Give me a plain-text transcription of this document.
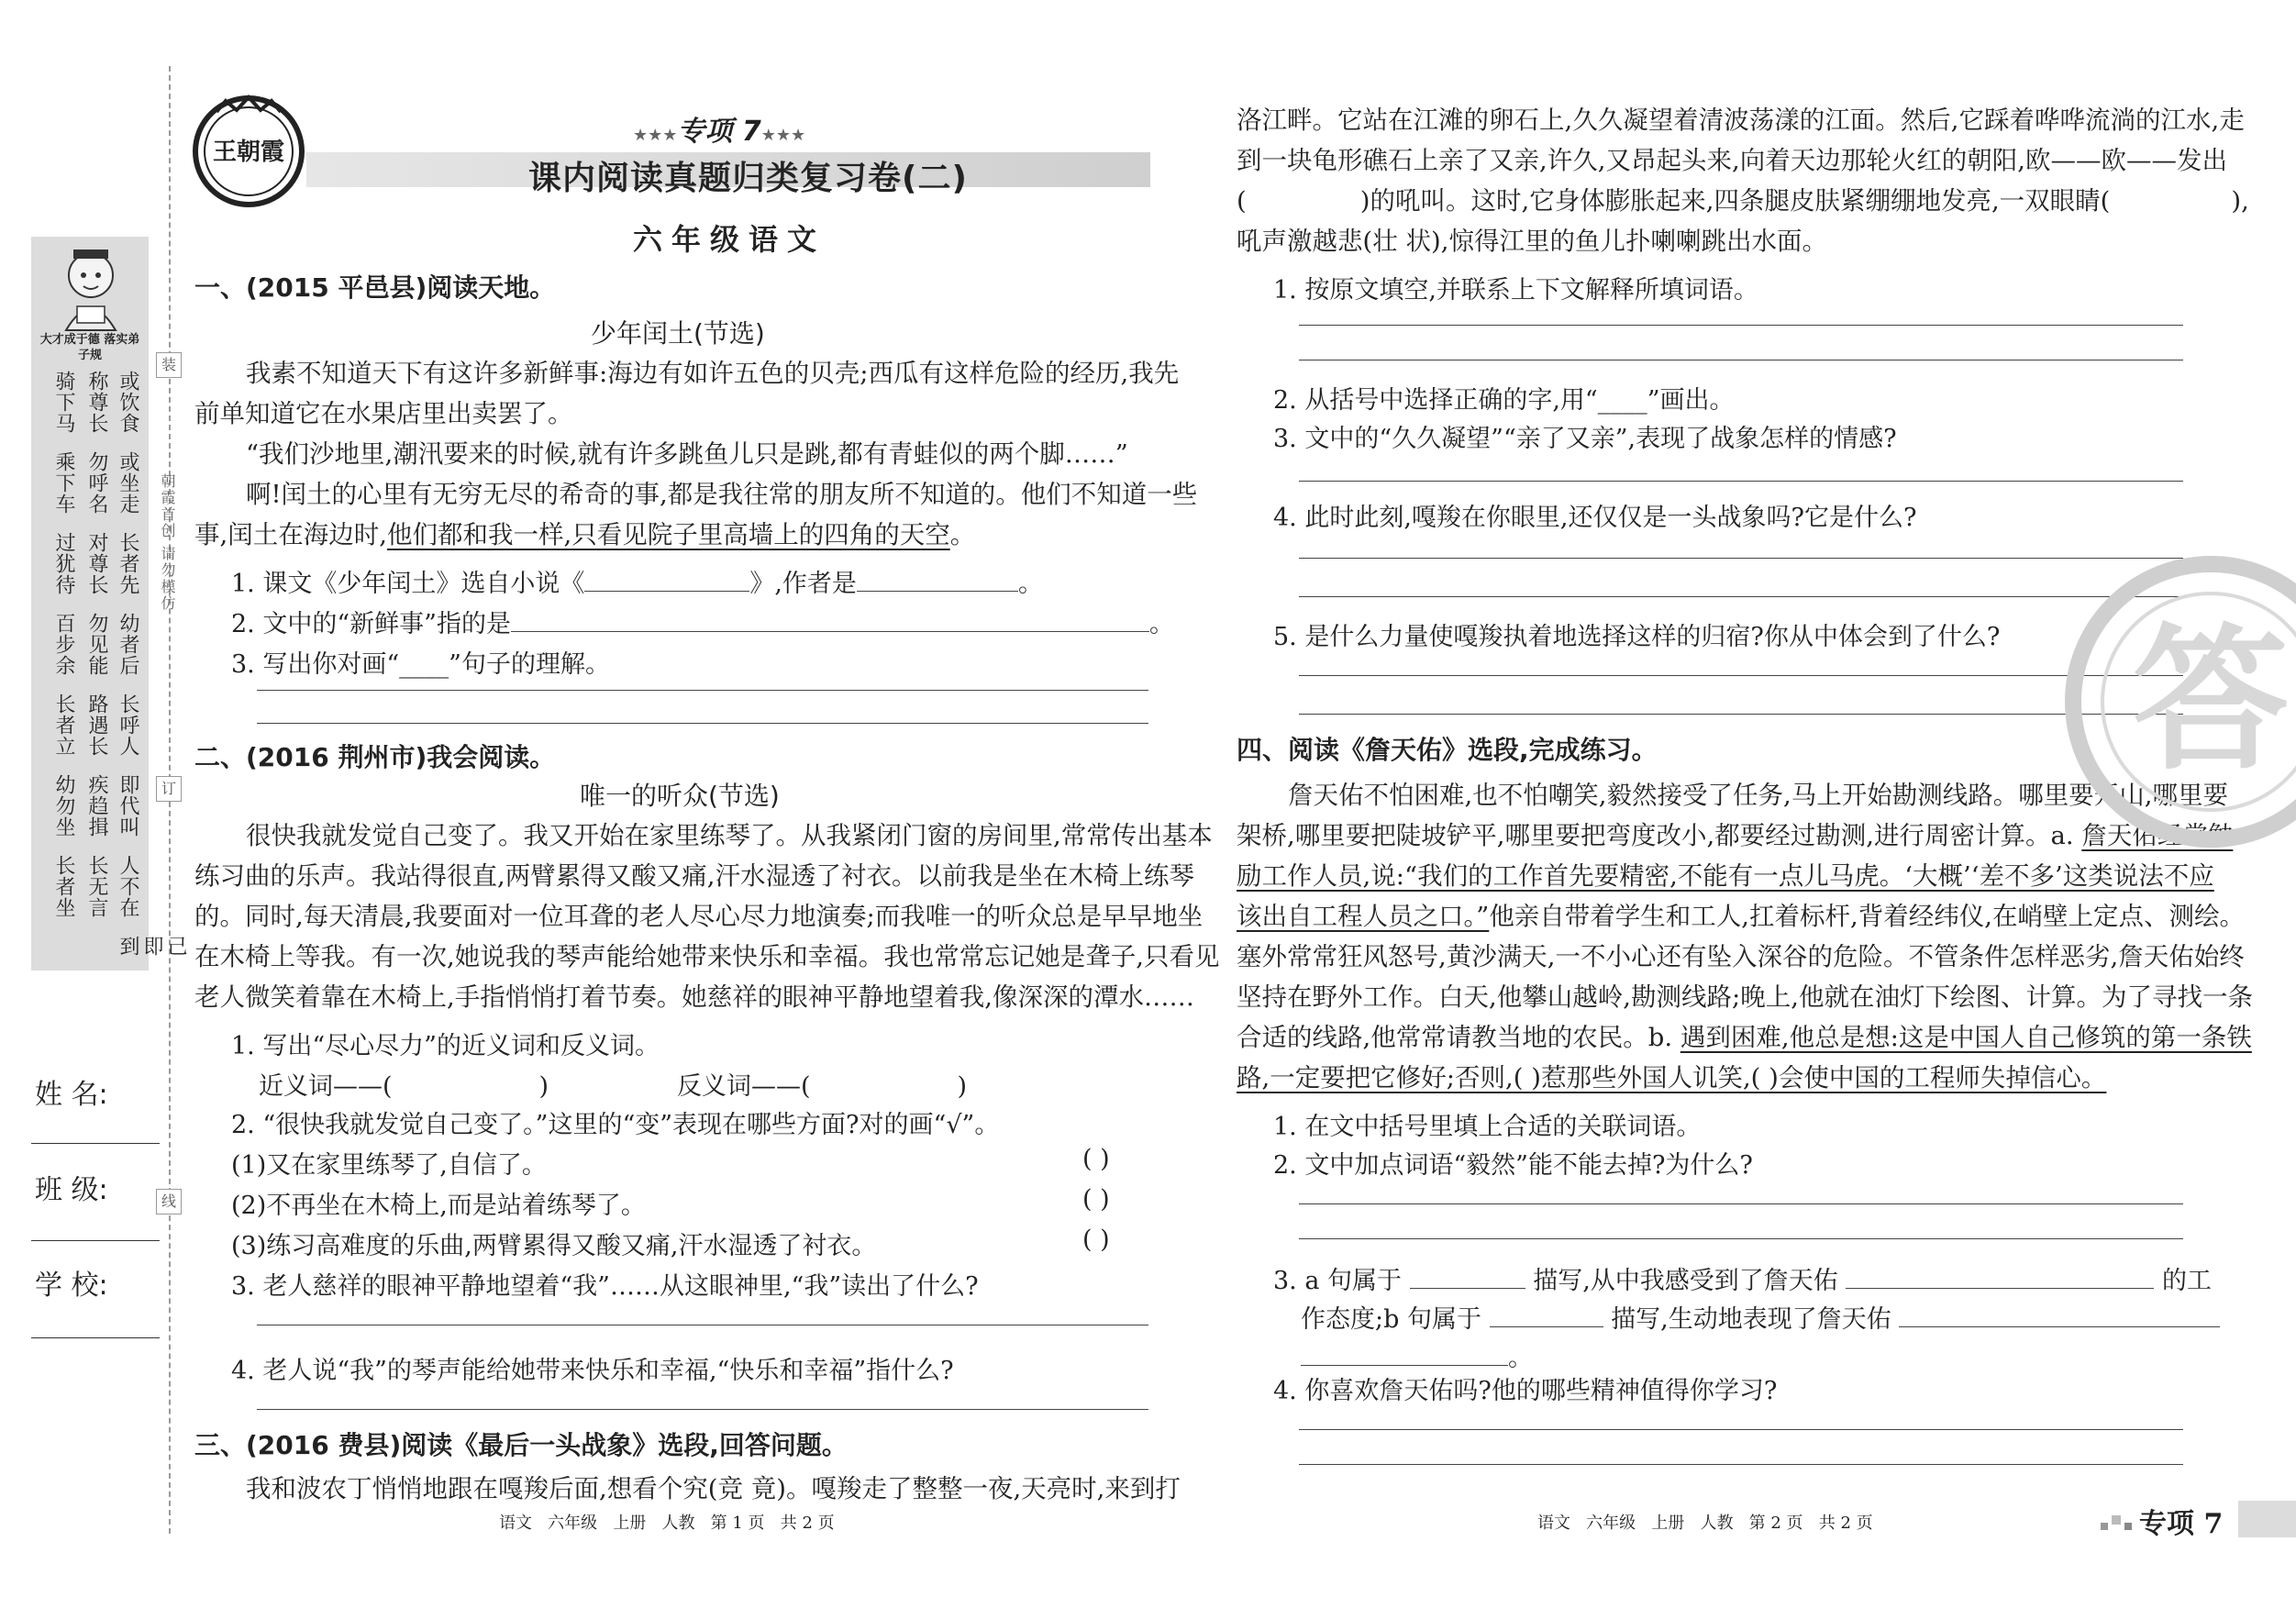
装
订
线
朝霞首创 请勿模仿
大才成于德 落实弟子规
或饮食
称尊长
骑下马
或坐走
勿呼名
乘下车
长者先
对尊长
过犹待
幼者后
勿见能
百步余
长呼人
路遇长
长者立
即代叫
疾趋揖
幼勿坐
人不在
长无言
长者坐
己即到
姓 名:
班 级:
学 校:
王朝霞
★★★专项 7★★★
课内阅读真题归类复习卷(二)
六年级语文
一、(2015 平邑县)阅读天地。
少年闰土(节选)
我素不知道天下有这许多新鲜事:海边有如许五色的贝壳;西瓜有这样危险的经历,我先
前单知道它在水果店里出卖罢了。
“我们沙地里,潮汛要来的时候,就有许多跳鱼儿只是跳,都有青蛙似的两个脚……”
啊!闰土的心里有无穷无尽的希奇的事,都是我往常的朋友所不知道的。他们不知道一些
事,闰土在海边时,他们都和我一样,只看见院子里高墙上的四角的天空。
1. 课文《少年闰土》选自小说《	》,作者是	。
2. 文中的“新鲜事”指的是	。
3. 写出你对画“____”句子的理解。
二、(2016 荆州市)我会阅读。
唯一的听众(节选)
很快我就发觉自己变了。我又开始在家里练琴了。从我紧闭门窗的房间里,常常传出基本
练习曲的乐声。我站得很直,两臂累得又酸又痛,汗水湿透了衬衣。以前我是坐在木椅上练琴
的。同时,每天清晨,我要面对一位耳聋的老人尽心尽力地演奏;而我唯一的听众总是早早地坐
在木椅上等我。有一次,她说我的琴声能给她带来快乐和幸福。我也常常忘记她是聋子,只看见
老人微笑着靠在木椅上,手指悄悄打着节奏。她慈祥的眼神平静地望着我,像深深的潭水……
1. 写出“尽心尽力”的近义词和反义词。
近义词——(	)	反义词——(	)
2. “很快我就发觉自己变了。”这里的“变”表现在哪些方面?对的画“√”。
(1)又在家里练琴了,自信了。	( )
(2)不再坐在木椅上,而是站着练琴了。	( )
(3)练习高难度的乐曲,两臂累得又酸又痛,汗水湿透了衬衣。	( )
3. 老人慈祥的眼神平静地望着“我”……从这眼神里,“我”读出了什么?
4. 老人说“我”的琴声能给她带来快乐和幸福,“快乐和幸福”指什么?
三、(2016 费县)阅读《最后一头战象》选段,回答问题。
我和波农丁悄悄地跟在嘎羧后面,想看个究(竞 竟)。嘎羧走了整整一夜,天亮时,来到打
语文   六年级   上册   人教   第 1 页   共 2 页
洛江畔。它站在江滩的卵石上,久久凝望着清波荡漾的江面。然后,它踩着哗哗流淌的江水,走
到一块龟形礁石上亲了又亲,许久,又昂起头来,向着天边那轮火红的朝阳,欧——欧——发出
(	)的吼叫。这时,它身体膨胀起来,四条腿皮肤紧绷绷地发亮,一双眼睛(	),
吼声激越悲(壮 状),惊得江里的鱼儿扑喇喇跳出水面。
1. 按原文填空,并联系上下文解释所填词语。
2. 从括号中选择正确的字,用“____”画出。
3. 文中的“久久凝望”“亲了又亲”,表现了战象怎样的情感?
4. 此时此刻,嘎羧在你眼里,还仅仅是一头战象吗?它是什么?
5. 是什么力量使嘎羧执着地选择这样的归宿?你从中体会到了什么?
四、阅读《詹天佑》选段,完成练习。
詹天佑不怕困难,也不怕嘲笑,毅然接受了任务,马上开始勘测线路。哪里要开山,哪里要
架桥,哪里要把陡坡铲平,哪里要把弯度改小,都要经过勘测,进行周密计算。a. 詹天佑经常勉
励工作人员,说:“我们的工作首先要精密,不能有一点儿马虎。‘大概’‘差不多’这类说法不应
该出自工程人员之口。”他亲自带着学生和工人,扛着标杆,背着经纬仪,在峭壁上定点、测绘。
塞外常常狂风怒号,黄沙满天,一不小心还有坠入深谷的危险。不管条件怎样恶劣,詹天佑始终
坚持在野外工作。白天,他攀山越岭,勘测线路;晚上,他就在油灯下绘图、计算。为了寻找一条
合适的线路,他常常请教当地的农民。b. 遇到困难,他总是想:这是中国人自己修筑的第一条铁
路,一定要把它修好;否则,( )惹那些外国人讥笑,( )会使中国的工程师失掉信心。
1. 在文中括号里填上合适的关联词语。
2. 文中加点词语“毅然”能不能去掉?为什么?
3. a 句属于	描写,从中我感受到了詹天佑	的工
作态度;b 句属于	描写,生动地表现了詹天佑
。
4. 你喜欢詹天佑吗?他的哪些精神值得你学习?
答
语文   六年级   上册   人教   第 2 页   共 2 页	专项 7
